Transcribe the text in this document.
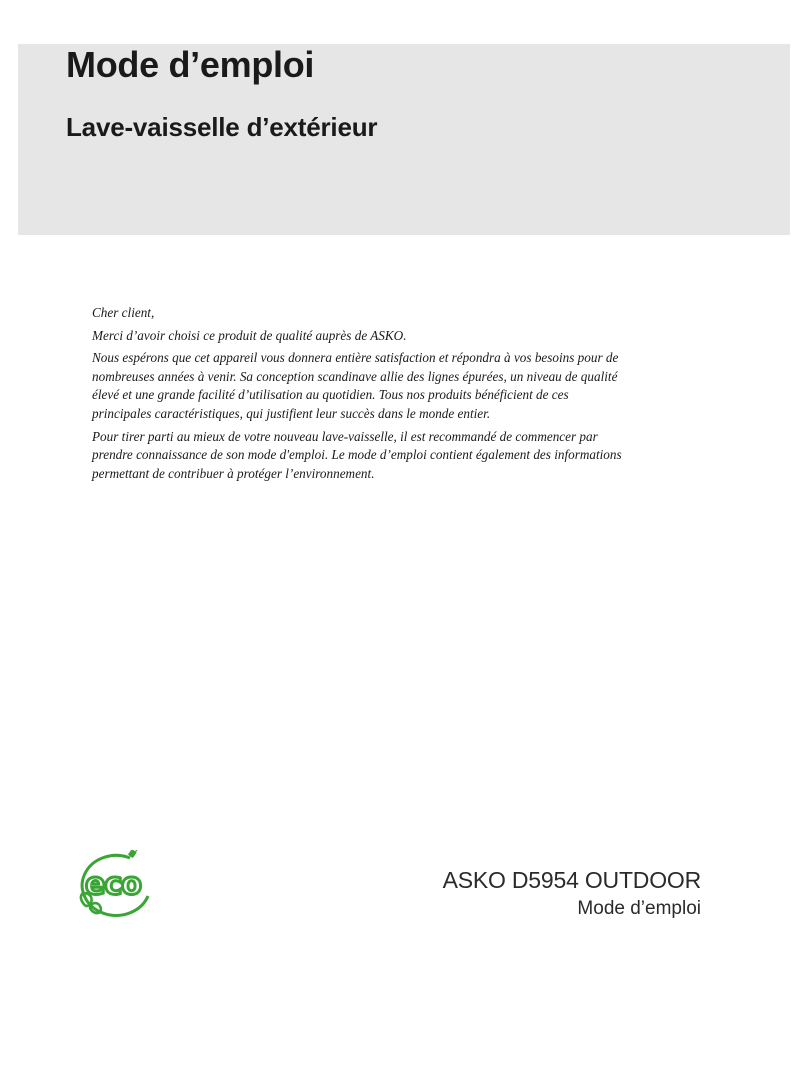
Mode d’emploi
Lave-vaisselle d’extérieur

Cher client,

Merci d’avoir choisi ce produit de qualité auprès de ASKO.

Nous espérons que cet appareil vous donnera entière satisfaction et répondra à vos besoins pour de nombreuses années à venir. Sa conception scandinave allie des lignes épurées, un niveau de qualité élevé et une grande facilité d’utilisation au quotidien. Tous nos produits bénéficient de ces principales caractéristiques, qui justifient leur succès dans le monde entier.

Pour tirer parti au mieux de votre nouveau lave-vaisselle, il est recommandé de commencer par prendre connaissance de son mode d'emploi. Le mode d’emploi contient également des informations permettant de contribuer à protéger l’environnement.

eco	ASKO D5954 OUTDOOR
Mode d’emploi
